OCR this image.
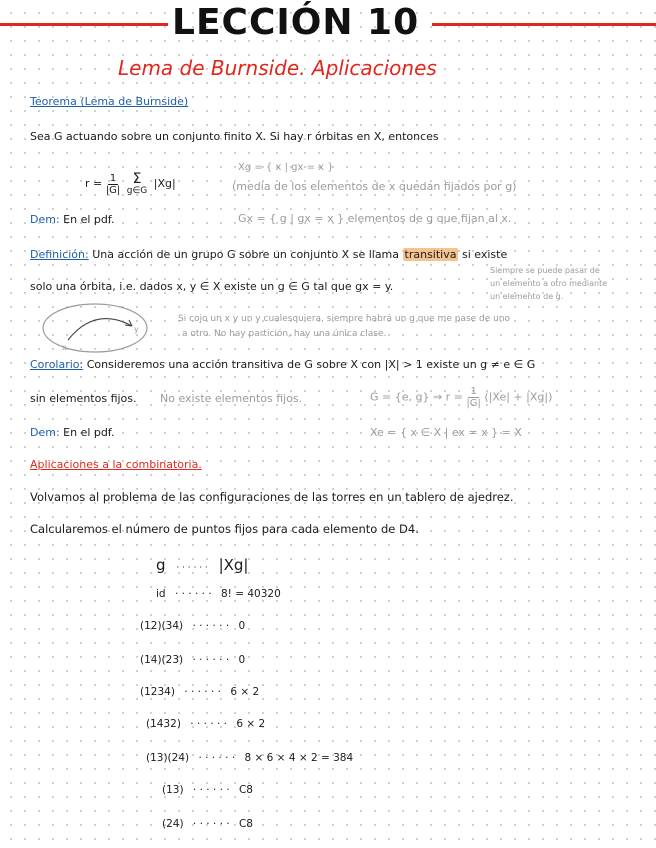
LECCIÓN 10
Lema de Burnside. Aplicaciones
Teorema (Lema de Burnside)
Sea G actuando sobre un conjunto finito X. Si hay r órbitas en X, entonces
$r = \frac{1}{|G|}$
Σ
g∈G
|Xg|
Xg = { x | gx = x }
(media de los elementos de x quedan fijados por g)
Gx = { g | gx = x } elementos de g que fijan al x.
Dem: En el pdf.
Definición: Una acción de un grupo G sobre un conjunto X se llama transitiva si existe
solo una órbita, i.e. dados x, y ∈ X existe un g ∈ G tal que gx = y.
Siempre se puede pasar de
un elemento a otro mediante
un elemento de g.
x
y
Si cojo un x y un y cualesquiera, siempre habrá un g que me pase de uno
a otro. No hay partición, hay una única clase.
Corolario: Consideremos una acción transitiva de G sobre X con |X| > 1 existe un g ≠ e ∈ G
sin elementos fijos. No existe elementos fijos.	G = {e, g} ⇒ $r = \frac{1}{|G|} (|Xe| + |Xg|)$
Xe = { x ∈ X | ex = x } = X
Dem: En el pdf.
Aplicaciones a la combinatoria.
Volvamos al problema de las configuraciones de las torres en un tablero de ajedrez.
Calcularemos el número de puntos fijos para cada elemento de D4.
g · · · · · · |Xg|
id · · · · · · 8! = 40320
(12)(34) · · · · · · 0
(14)(23) · · · · · · 0
(1234) · · · · · · 6 × 2
(1432) · · · · · · 6 × 2
(13)(24) · · · · · · 8 × 6 × 4 × 2 = 384
(13) · · · · · · C8
(24) · · · · · · C8
